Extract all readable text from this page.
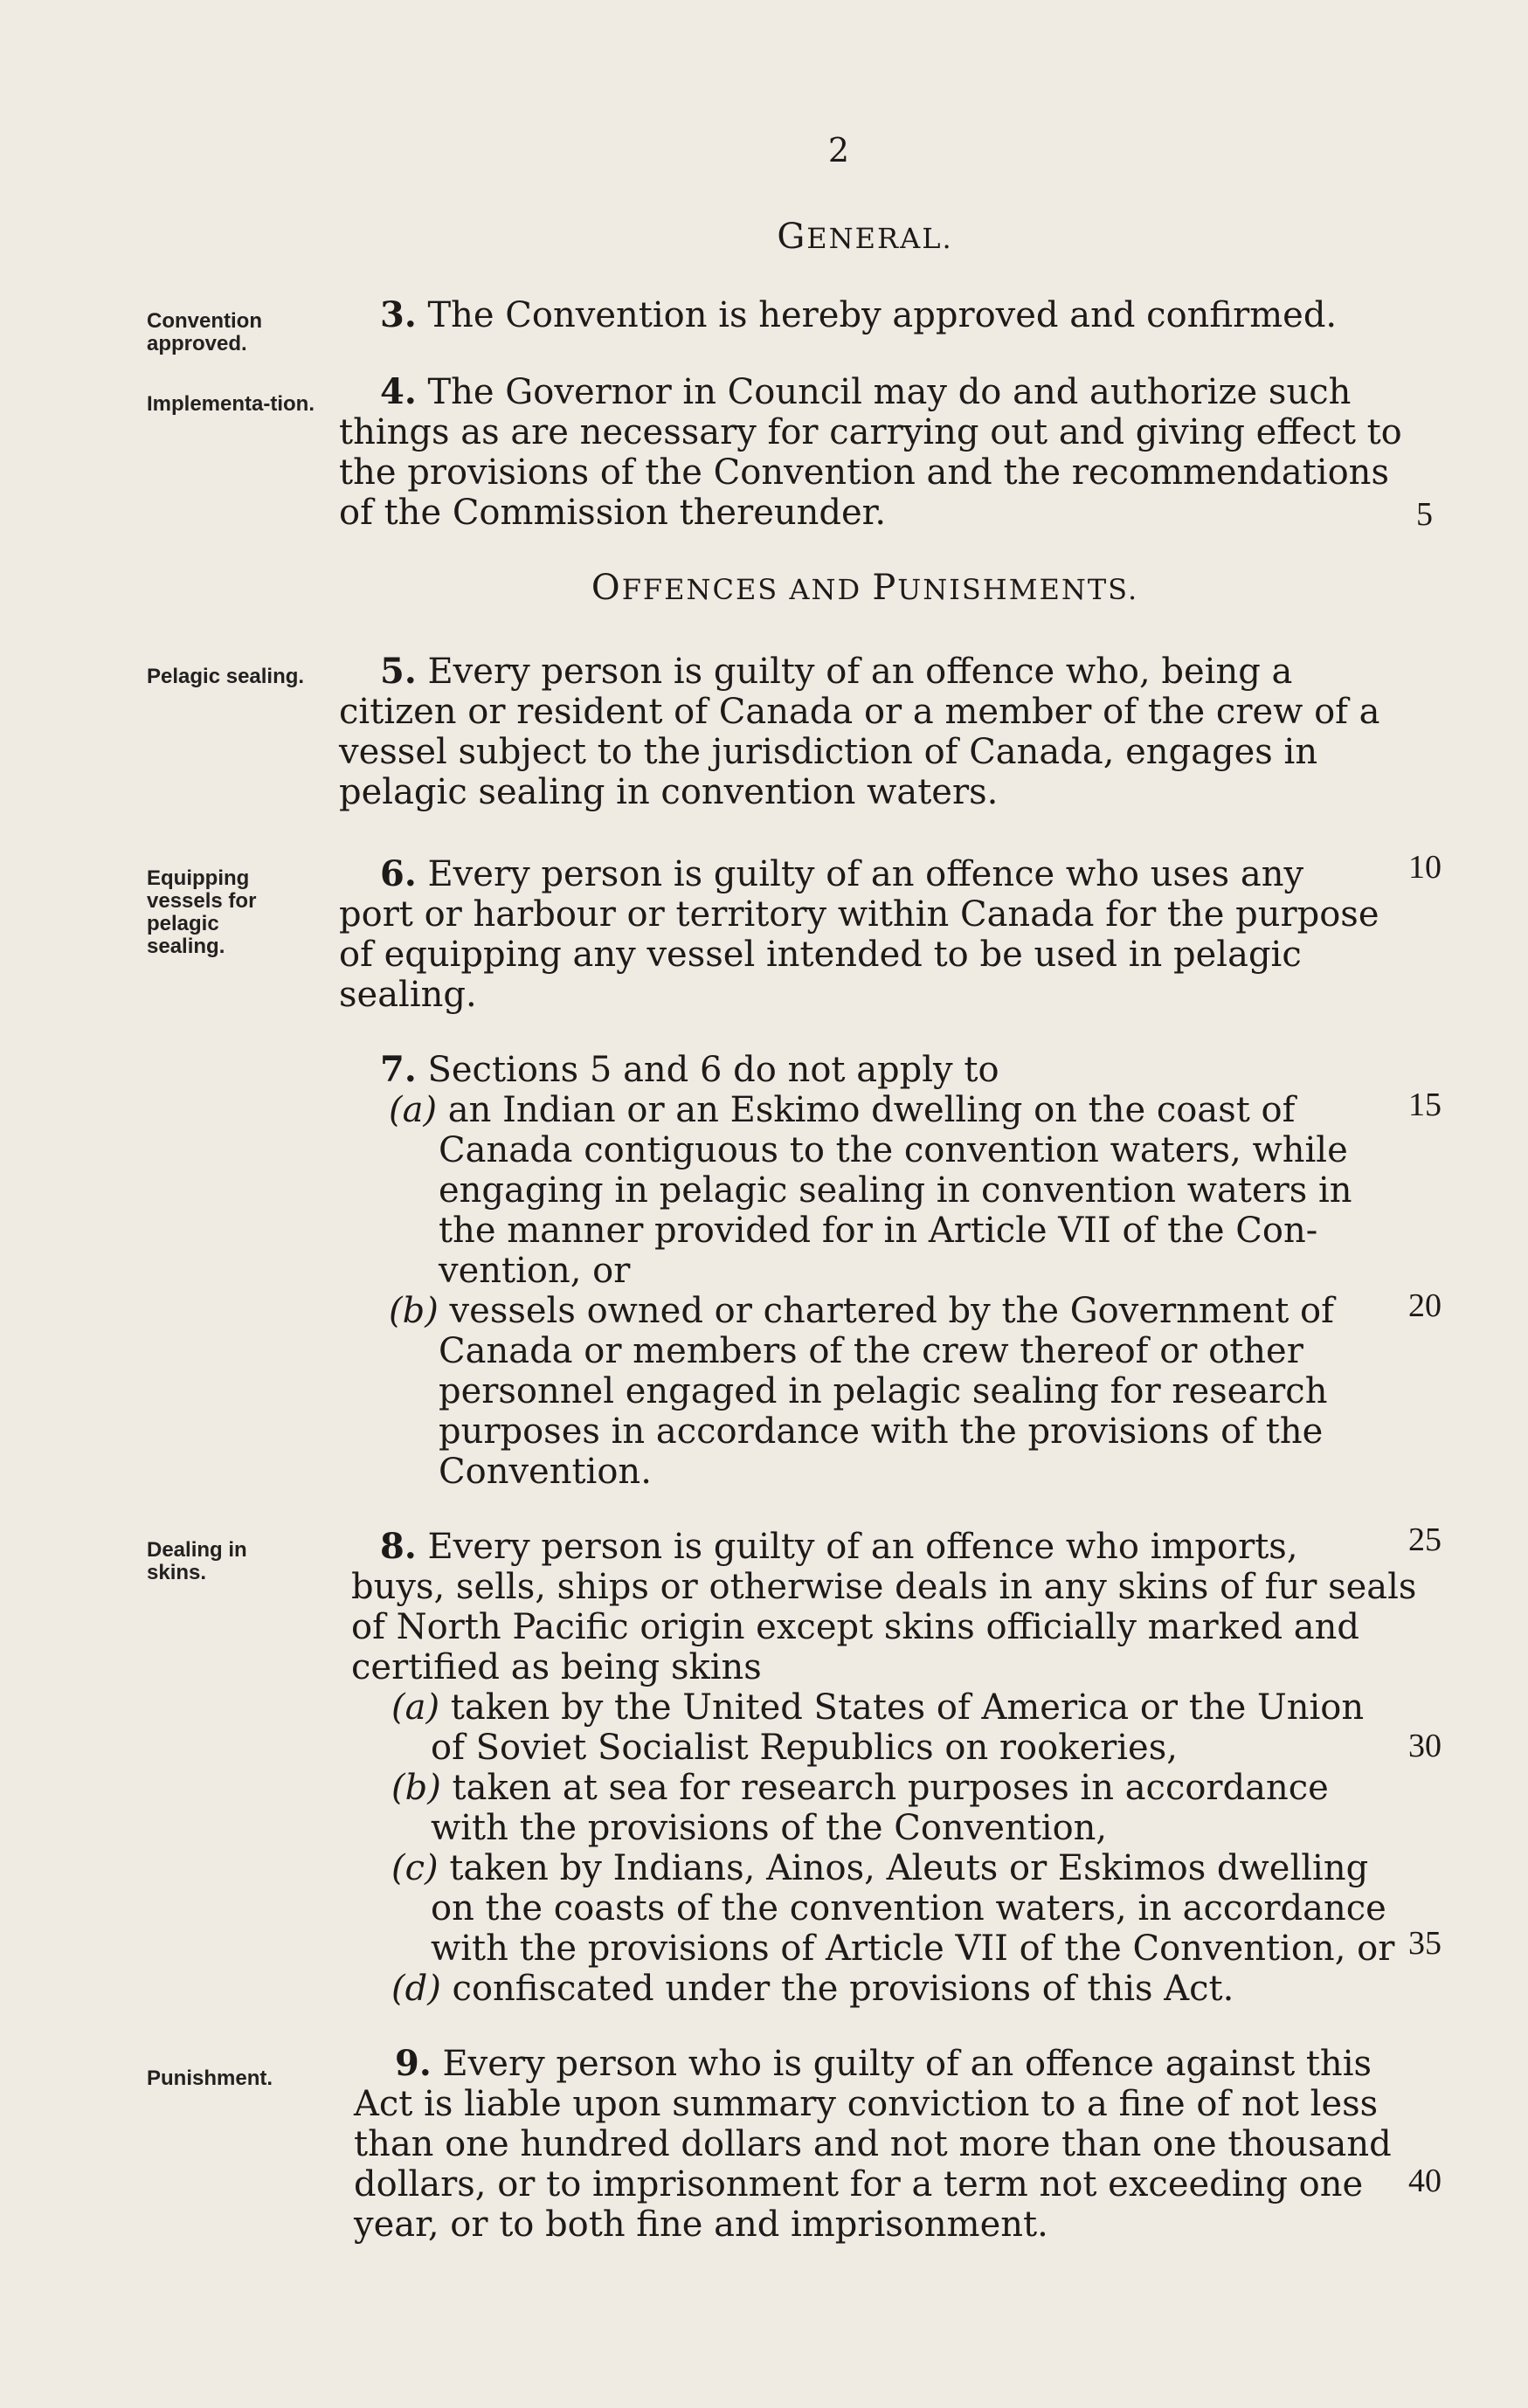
2
GENERAL.
OFFENCES AND PUNISHMENTS.
Convention approved.
Implementa-tion.
Pelagic sealing.
Equipping vessels for pelagic sealing.
Dealing in skins.
Punishment.
3. The Convention is hereby approved and confirmed.
4. The Governor in Council may do and authorize such
things as are necessary for carrying out and giving effect to
the provisions of the Convention and the recommendations
of the Commission thereunder.
5. Every person is guilty of an offence who, being a
citizen or resident of Canada or a member of the crew of a
vessel subject to the jurisdiction of Canada, engages in
pelagic sealing in convention waters.
6. Every person is guilty of an offence who uses any
port or harbour or territory within Canada for the purpose
of equipping any vessel intended to be used in pelagic
sealing.
7. Sections 5 and 6 do not apply to
(a) an Indian or an Eskimo dwelling on the coast of
Canada contiguous to the convention waters, while
engaging in pelagic sealing in convention waters in
the manner provided for in Article VII of the Con-
vention, or
(b) vessels owned or chartered by the Government of
Canada or members of the crew thereof or other
personnel engaged in pelagic sealing for research
purposes in accordance with the provisions of the
Convention.
8. Every person is guilty of an offence who imports,
buys, sells, ships or otherwise deals in any skins of fur seals
of North Pacific origin except skins officially marked and
certified as being skins
(a) taken by the United States of America or the Union
of Soviet Socialist Republics on rookeries,
(b) taken at sea for research purposes in accordance
with the provisions of the Convention,
(c) taken by Indians, Ainos, Aleuts or Eskimos dwelling
on the coasts of the convention waters, in accordance
with the provisions of Article VII of the Convention, or
(d) confiscated under the provisions of this Act.
9. Every person who is guilty of an offence against this
Act is liable upon summary conviction to a fine of not less
than one hundred dollars and not more than one thousand
dollars, or to imprisonment for a term not exceeding one
year, or to both fine and imprisonment.
5
10
15
20
25
30
35
40
